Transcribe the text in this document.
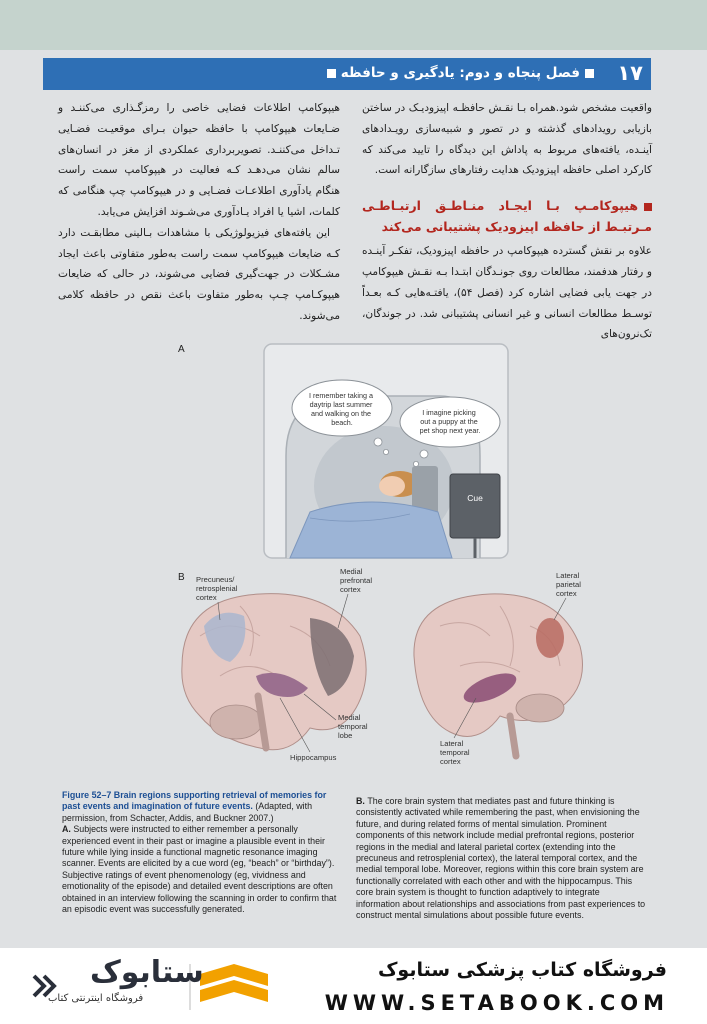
۱۷
فصل پنجاه و دوم: یادگیری و حافظه

واقعیت مشخص شود.همراه بـا نقـش حافظـه اپیزودیـک در ساختن بازیابی رویدادهای گذشته و در تصور و شبیه‌سازی رویـدادهای آینـده، یافته‌های مربوط به پاداش این دیدگاه را تایید می‌کند که کارکرد اصلی حافظه اپیزودیک هدایت رفتارهای سازگارانه است.

هیپوکامـپ بـا ایجـاد منـاطـق ارتبـاطـی مـرتبـط از حافظه اپیزودیک پشتیبانی می‌کند

علاوه بر نقش گسترده هیپوکامپ در حافظه اپیزودیک، تفکـر آینـده و رفتار هدفمند، مطالعات روی جونـدگان ابتـدا بـه نقـش هیپوکامپ در جهت یابی فضایی اشاره کرد (فصل ۵۴)، یافتـه‌هایی کـه بعـداً توسـط مطالعات انسانی و غیر انسانی پشتیبانی شد. در جوندگان، تک‌نرون‌های

هیپوکامپ اطلاعات فضایی خاصی را رمزگـذاری می‌کننـد و ضـایعات هیپوکامپ با حافظه حیوان بـرای موقعیـت فضـایی تـداخل می‌کننـد. تصویربرداری عملکردی از مغز در انسان‌های سالم نشان می‌دهـد کـه فعالیت در هیپوکامپ سمت راست هنگام یادآوری اطلاعـات فضـایی و در هیپوکامپ چپ هنگامی که کلمات، اشیا یا افراد یـادآوری می‌شـوند افزایش می‌یابد.

این یافته‌های فیزیولوژیکی با مشاهدات بـالینی مطابقـت دارد کـه ضایعات هیپوکامپ سمت راست به‌طور متفاوتی باعث ایجاد مشـکلات در جهت‌گیری فضایی می‌شوند، در حالی که ضایعات هیپوکـامپ چـپ به‌طور متفاوت باعث نقص در حافظه کلامی می‌شوند.

A
I remember taking a daytrip last summer and walking on the beach.
I imagine picking out a puppy at the pet shop next year.
Cue
B Precuneus/ retrosplenial cortex
Medial prefrontal cortex
Medial temporal lobe
Hippocampus
Lateral parietal cortex
Lateral temporal cortex
Figure 52–7 Brain regions supporting retrieval of memories for past events and imagination of future events. (Adapted, with permission, from Schacter, Addis, and Buckner 2007.)
A. Subjects were instructed to either remember a personally experienced event in their past or imagine a plausible event in their future while lying inside a functional magnetic resonance imaging scanner. Events are elicited by a cue word (eg, “beach” or “birthday”). Subjective ratings of event phenomenology (eg, vividness and emotionality of the episode) and detailed event descriptions are often obtained in an interview following the scanning in order to confirm that an episodic event was successfully generated.
B. The core brain system that mediates past and future thinking is consistently activated while remembering the past, when envisioning the future, and during related forms of mental simulation. Prominent components of this network include medial prefrontal regions, posterior regions in the medial and lateral parietal cortex (extending into the precuneus and retrosplenial cortex), the lateral temporal cortex, and the medial temporal lobe. Moreover, regions within this core brain system are functionally correlated with each other and with the hippocampus. This core brain system is thought to function adaptively to integrate information about relationships and associations from past experiences to construct mental simulations about possible future events.
ستابوک
فروشگاه اینترنتی کتاب
فروشگاه کتاب پزشکی ستابوک
WWW.SETABOOK.COM
